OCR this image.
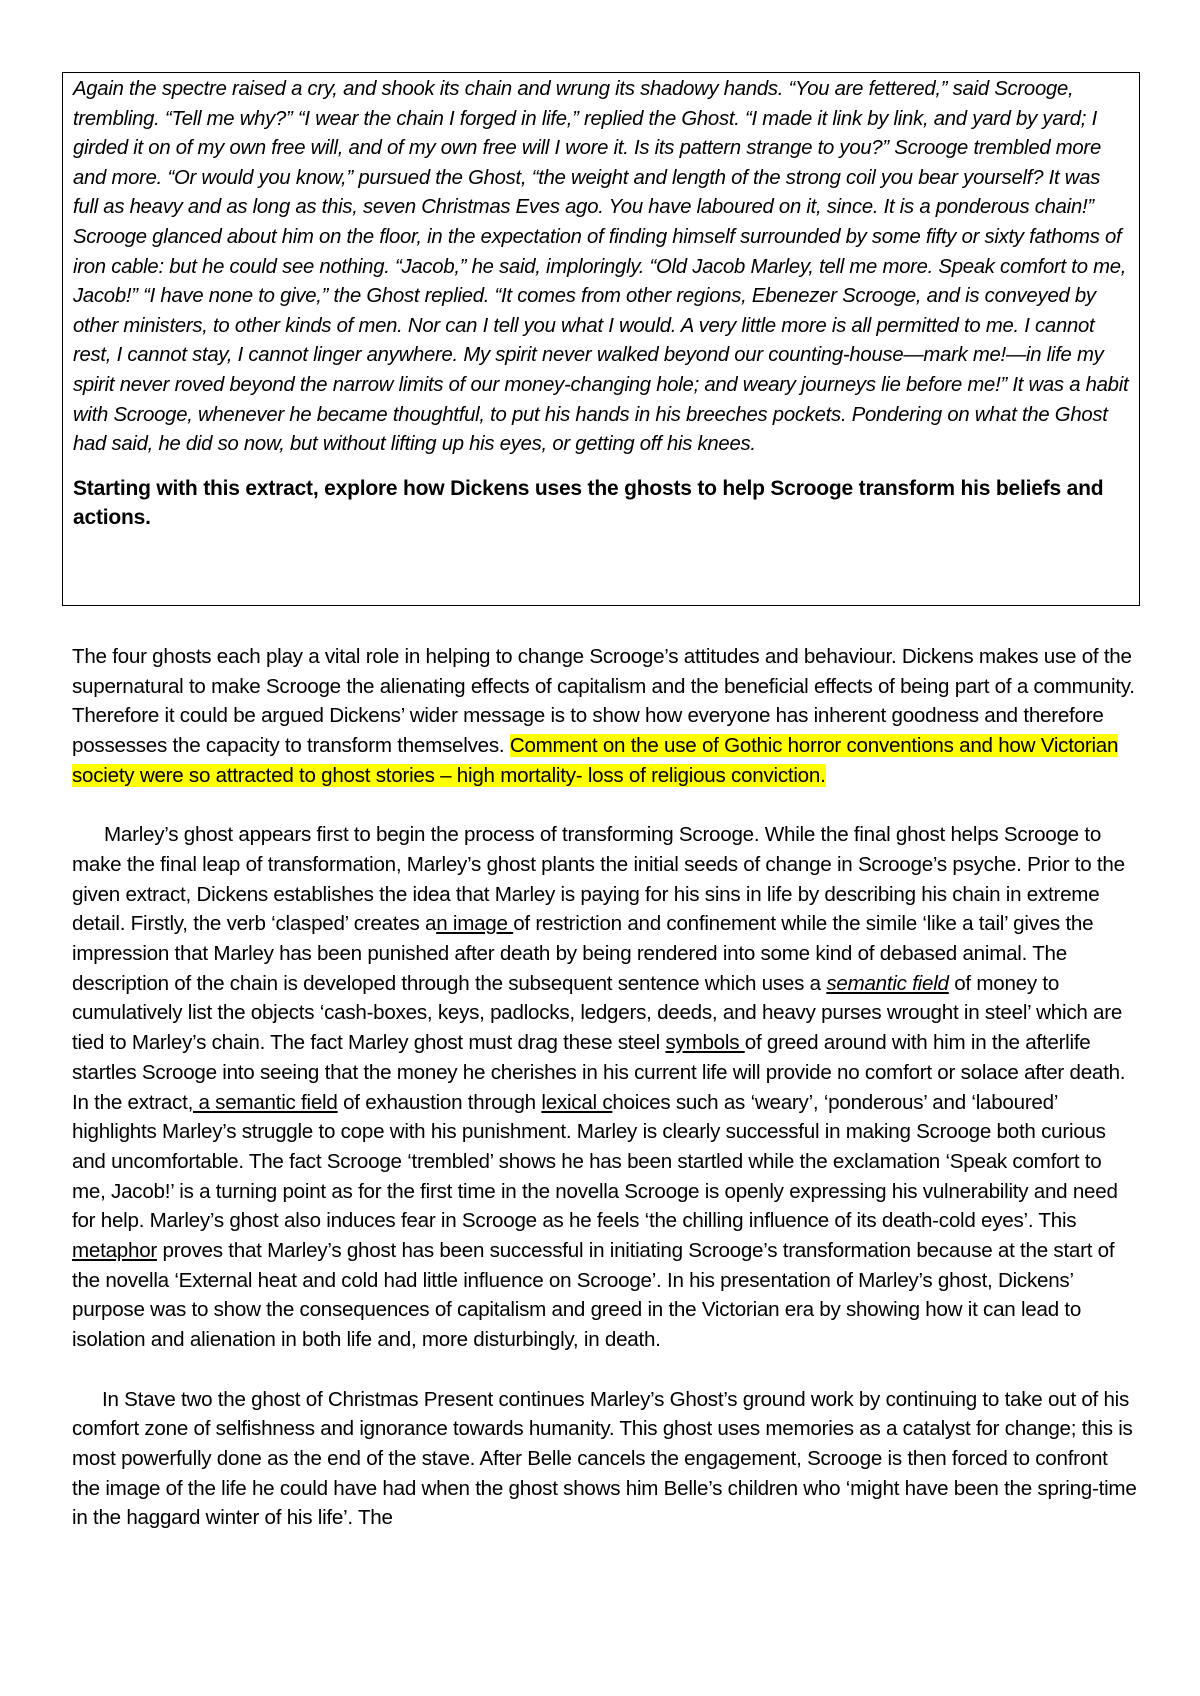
Again the spectre raised a cry, and shook its chain and wrung its shadowy hands. “You are fettered,” said Scrooge, trembling. “Tell me why?” “I wear the chain I forged in life,” replied the Ghost. “I made it link by link, and yard by yard; I girded it on of my own free will, and of my own free will I wore it. Is its pattern strange to you?” Scrooge trembled more and more. “Or would you know,” pursued the Ghost, “the weight and length of the strong coil you bear yourself? It was full as heavy and as long as this, seven Christmas Eves ago. You have laboured on it, since. It is a ponderous chain!” Scrooge glanced about him on the floor, in the expectation of finding himself surrounded by some fifty or sixty fathoms of iron cable: but he could see nothing. “Jacob,” he said, imploringly. “Old Jacob Marley, tell me more. Speak comfort to me, Jacob!” “I have none to give,” the Ghost replied. “It comes from other regions, Ebenezer Scrooge, and is conveyed by other ministers, to other kinds of men. Nor can I tell you what I would. A very little more is all permitted to me. I cannot rest, I cannot stay, I cannot linger anywhere. My spirit never walked beyond our counting-house—mark me!—in life my spirit never roved beyond the narrow limits of our money-changing hole; and weary journeys lie before me!” It was a habit with Scrooge, whenever he became thoughtful, to put his hands in his breeches pockets. Pondering on what the Ghost had said, he did so now, but without lifting up his eyes, or getting off his knees.

Starting with this extract, explore how Dickens uses the ghosts to help Scrooge transform his beliefs and actions.

The four ghosts each play a vital role in helping to change Scrooge’s attitudes and behaviour. Dickens makes use of the supernatural to make Scrooge the alienating effects of capitalism and the beneficial effects of being part of a community. Therefore it could be argued Dickens’ wider message is to show how everyone has inherent goodness and therefore possesses the capacity to transform themselves. Comment on the use of Gothic horror conventions and how Victorian society were so attracted to ghost stories – high mortality- loss of religious conviction.

Marley’s ghost appears first to begin the process of transforming Scrooge. While the final ghost helps Scrooge to make the final leap of transformation, Marley’s ghost plants the initial seeds of change in Scrooge’s psyche. Prior to the given extract, Dickens establishes the idea that Marley is paying for his sins in life by describing his chain in extreme detail. Firstly, the verb ‘clasped’ creates an image of restriction and confinement while the simile ‘like a tail’ gives the impression that Marley has been punished after death by being rendered into some kind of debased animal. The description of the chain is developed through the subsequent sentence which uses a semantic field of money to cumulatively list the objects ‘cash-boxes, keys, padlocks, ledgers, deeds, and heavy purses wrought in steel’ which are tied to Marley’s chain. The fact Marley ghost must drag these steel symbols of greed around with him in the afterlife startles Scrooge into seeing that the money he cherishes in his current life will provide no comfort or solace after death. In the extract, a semantic field of exhaustion through lexical choices such as ‘weary’, ‘ponderous’ and ‘laboured’ highlights Marley’s struggle to cope with his punishment. Marley is clearly successful in making Scrooge both curious and uncomfortable. The fact Scrooge ‘trembled’ shows he has been startled while the exclamation ‘Speak comfort to me, Jacob!’ is a turning point as for the first time in the novella Scrooge is openly expressing his vulnerability and need for help. Marley’s ghost also induces fear in Scrooge as he feels ‘the chilling influence of its death-cold eyes’. This metaphor proves that Marley’s ghost has been successful in initiating Scrooge’s transformation because at the start of the novella ‘External heat and cold had little influence on Scrooge’. In his presentation of Marley’s ghost, Dickens’ purpose was to show the consequences of capitalism and greed in the Victorian era by showing how it can lead to isolation and alienation in both life and, more disturbingly, in death.

In Stave two the ghost of Christmas Present continues Marley’s Ghost’s ground work by continuing to take out of his comfort zone of selfishness and ignorance towards humanity. This ghost uses memories as a catalyst for change; this is most powerfully done as the end of the stave. After Belle cancels the engagement, Scrooge is then forced to confront the image of the life he could have had when the ghost shows him Belle’s children who ‘might have been the spring-time in the haggard winter of his life’. The
